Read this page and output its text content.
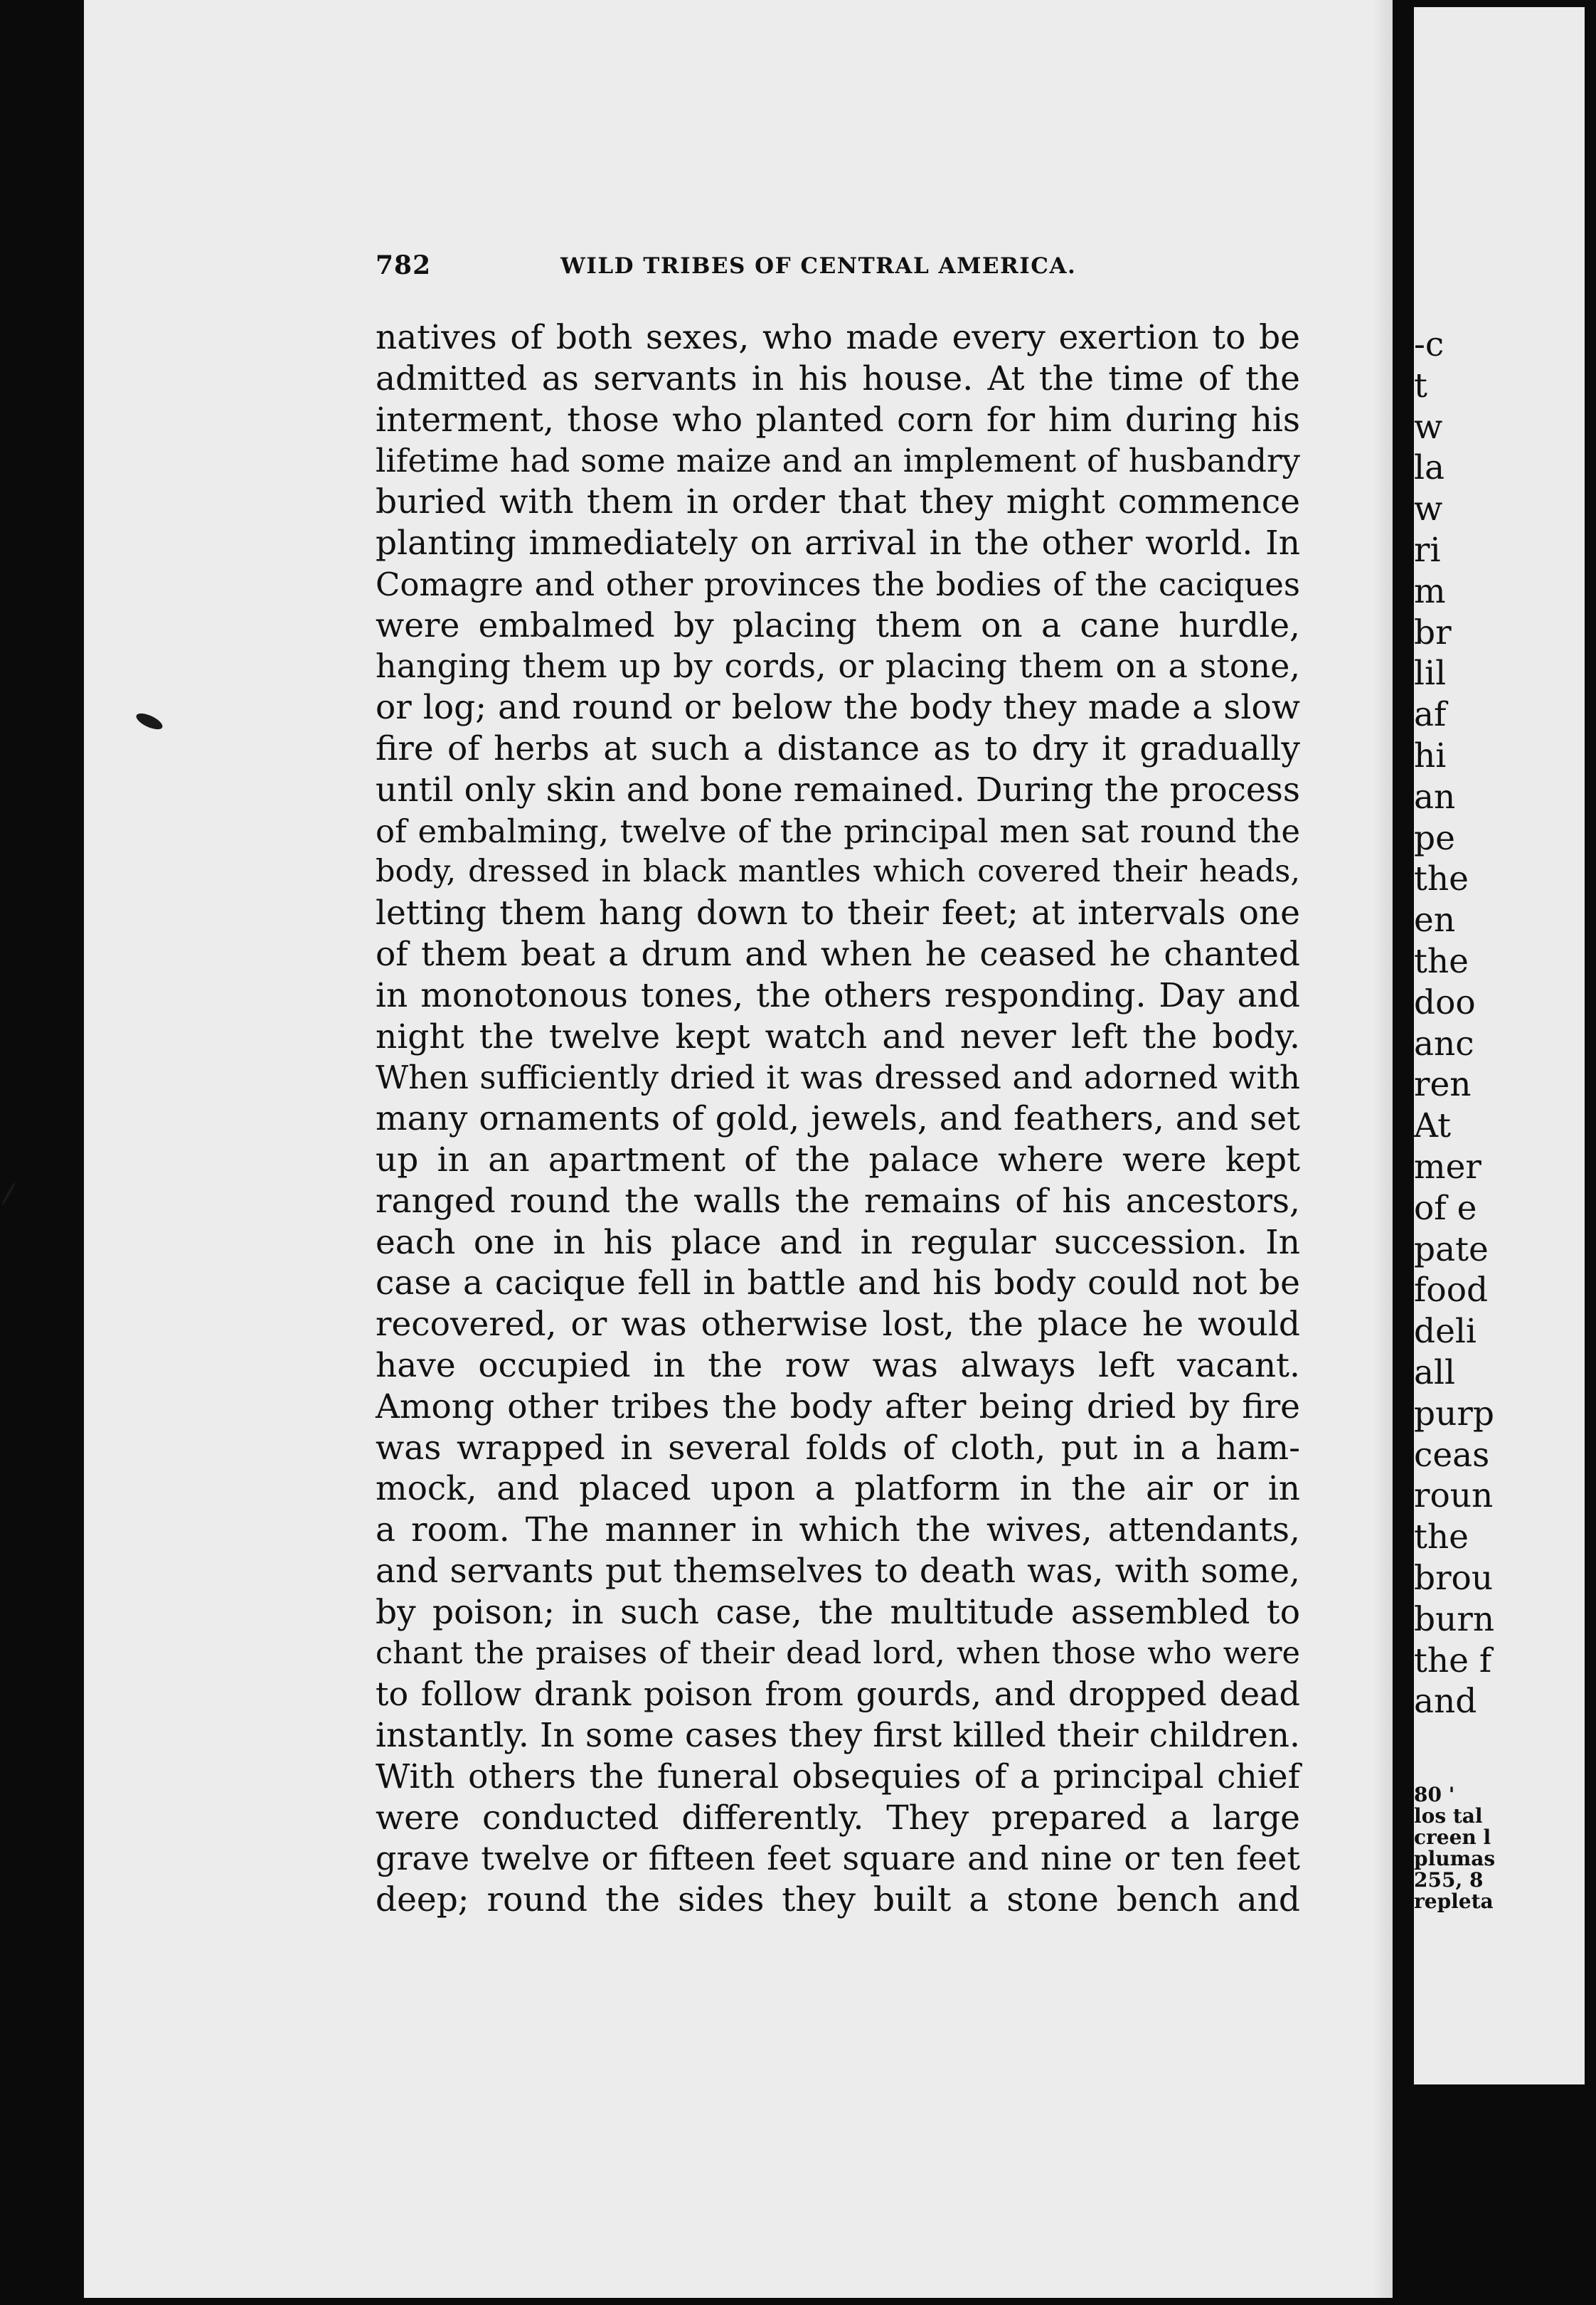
782	WILD TRIBES OF CENTRAL AMERICA.
natives of both sexes, who made every exertion to be
admitted as servants in his house. At the time of the
interment, those who planted corn for him during his
lifetime had some maize and an implement of husbandry
buried with them in order that they might commence
planting immediately on arrival in the other world. In
Comagre and other provinces the bodies of the caciques
were embalmed by placing them on a cane hurdle,
hanging them up by cords, or placing them on a stone,
or log; and round or below the body they made a slow
fire of herbs at such a distance as to dry it gradually
until only skin and bone remained. During the process
of embalming, twelve of the principal men sat round the
body, dressed in black mantles which covered their heads,
letting them hang down to their feet; at intervals one
of them beat a drum and when he ceased he chanted
in monotonous tones, the others responding. Day and
night the twelve kept watch and never left the body.
When sufficiently dried it was dressed and adorned with
many ornaments of gold, jewels, and feathers, and set
up in an apartment of the palace where were kept
ranged round the walls the remains of his ancestors,
each one in his place and in regular succession. In
case a cacique fell in battle and his body could not be
recovered, or was otherwise lost, the place he would
have occupied in the row was always left vacant.
Among other tribes the body after being dried by fire
was wrapped in several folds of cloth, put in a ham-
mock, and placed upon a platform in the air or in
a room. The manner in which the wives, attendants,
and servants put themselves to death was, with some,
by poison; in such case, the multitude assembled to
chant the praises of their dead lord, when those who were
to follow drank poison from gourds, and dropped dead
instantly. In some cases they first killed their children.
With others the funeral obsequies of a principal chief
were conducted differently. They prepared a large
grave twelve or fifteen feet square and nine or ten feet
deep; round the sides they built a stone bench and
-c
t
w
la
w
ri
m
br
lil
af
hi
an
pe
the
en
the
doo
anc
ren
At
mer
of e
pate
food
deli
all
purp
ceas
roun
the
brou
burn
the f
and
80 '
los tal
creen l
plumas
255, 8
repleta
